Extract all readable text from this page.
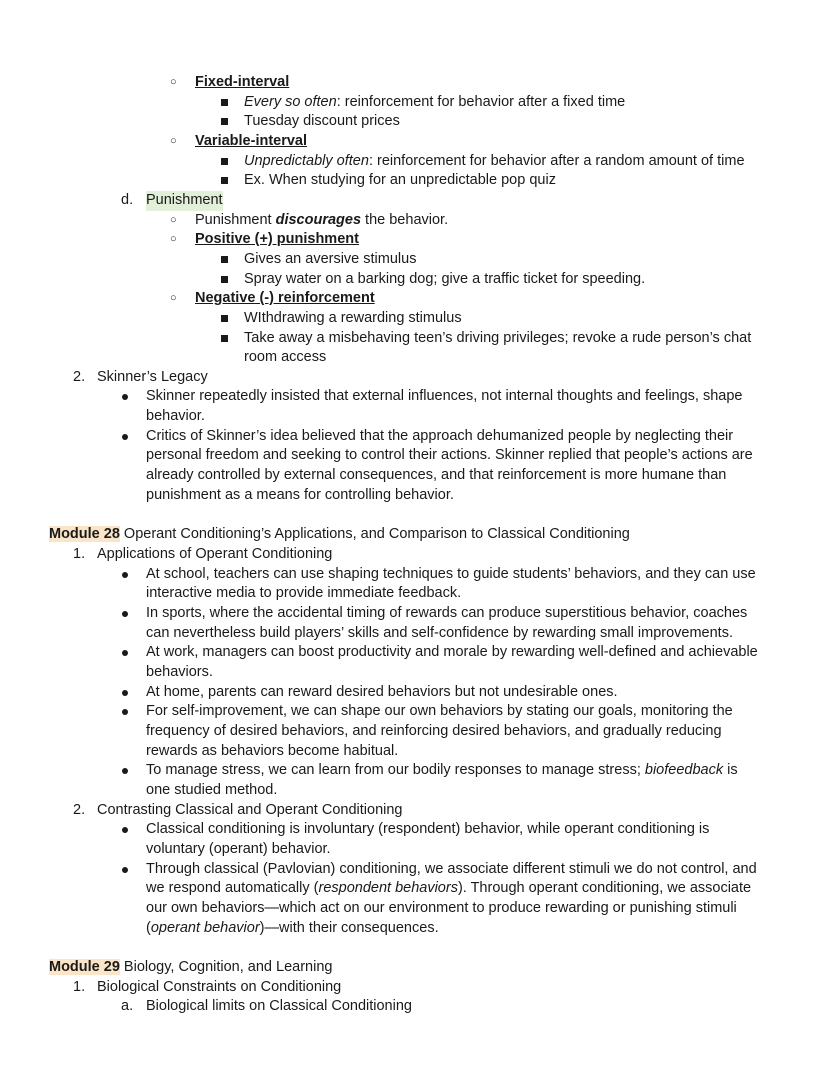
○ Fixed-interval
Every so often: reinforcement for behavior after a fixed time
Tuesday discount prices
○ Variable-interval
Unpredictably often: reinforcement for behavior after a random amount of time
Ex. When studying for an unpredictable pop quiz
d. Punishment
○ Punishment discourages the behavior.
○ Positive (+) punishment
Gives an aversive stimulus
Spray water on a barking dog; give a traffic ticket for speeding.
○ Negative (-) reinforcement
WIthdrawing a rewarding stimulus
Take away a misbehaving teen’s driving privileges; revoke a rude person’s chat
room access
2. Skinner’s Legacy
Skinner repeatedly insisted that external influences, not internal thoughts and feelings, shape
behavior.
Critics of Skinner’s idea believed that the approach dehumanized people by neglecting their
personal freedom and seeking to control their actions. Skinner replied that people’s actions are
already controlled by external consequences, and that reinforcement is more humane than
punishment as a means for controlling behavior.
Module 28 Operant Conditioning’s Applications, and Comparison to Classical Conditioning
1. Applications of Operant Conditioning
At school, teachers can use shaping techniques to guide students’ behaviors, and they can use
interactive media to provide immediate feedback.
In sports, where the accidental timing of rewards can produce superstitious behavior, coaches
can nevertheless build players’ skills and self-confidence by rewarding small improvements.
At work, managers can boost productivity and morale by rewarding well-defined and achievable
behaviors.
At home, parents can reward desired behaviors but not undesirable ones.
For self-improvement, we can shape our own behaviors by stating our goals, monitoring the
frequency of desired behaviors, and reinforcing desired behaviors, and gradually reducing
rewards as behaviors become habitual.
To manage stress, we can learn from our bodily responses to manage stress; biofeedback is
one studied method.
2. Contrasting Classical and Operant Conditioning
Classical conditioning is involuntary (respondent) behavior, while operant conditioning is
voluntary (operant) behavior.
Through classical (Pavlovian) conditioning, we associate different stimuli we do not control, and
we respond automatically (respondent behaviors). Through operant conditioning, we associate
our own behaviors—which act on our environment to produce rewarding or punishing stimuli
(operant behavior)—with their consequences.
Module 29 Biology, Cognition, and Learning
1. Biological Constraints on Conditioning
a. Biological limits on Classical Conditioning
